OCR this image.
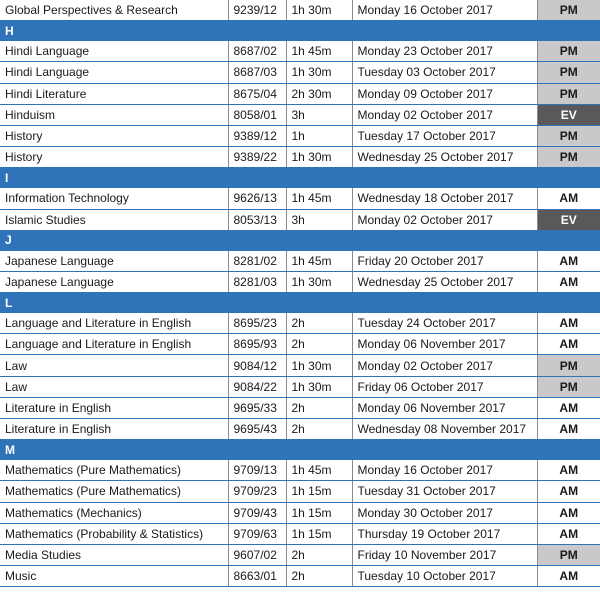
Global Perspectives & Research	9239/12	1h 30m	Monday 16 October 2017	PM
H				
Hindi Language	8687/02	1h 45m	Monday 23 October 2017	PM
Hindi Language	8687/03	1h 30m	Tuesday 03 October 2017	PM
Hindi Literature	8675/04	2h 30m	Monday 09 October 2017	PM
Hinduism	8058/01	3h	Monday 02 October 2017	EV
History	9389/12	1h	Tuesday 17 October 2017	PM
History	9389/22	1h 30m	Wednesday 25 October 2017	PM
I				
Information Technology	9626/13	1h 45m	Wednesday 18 October 2017	AM
Islamic Studies	8053/13	3h	Monday 02 October 2017	EV
J				
Japanese Language	8281/02	1h 45m	Friday 20 October 2017	AM
Japanese Language	8281/03	1h 30m	Wednesday 25 October 2017	AM
L				
Language and Literature in English	8695/23	2h	Tuesday 24 October 2017	AM
Language and Literature in English	8695/93	2h	Monday 06 November 2017	AM
Law	9084/12	1h 30m	Monday 02 October 2017	PM
Law	9084/22	1h 30m	Friday 06 October 2017	PM
Literature in English	9695/33	2h	Monday 06 November 2017	AM
Literature in English	9695/43	2h	Wednesday 08 November 2017	AM
M				
Mathematics (Pure Mathematics)	9709/13	1h 45m	Monday 16 October 2017	AM
Mathematics (Pure Mathematics)	9709/23	1h 15m	Tuesday 31 October 2017	AM
Mathematics (Mechanics)	9709/43	1h 15m	Monday 30 October 2017	AM
Mathematics (Probability & Statistics)	9709/63	1h 15m	Thursday 19 October 2017	AM
Media Studies	9607/02	2h	Friday 10 November 2017	PM
Music	8663/01	2h	Tuesday 10 October 2017	AM
